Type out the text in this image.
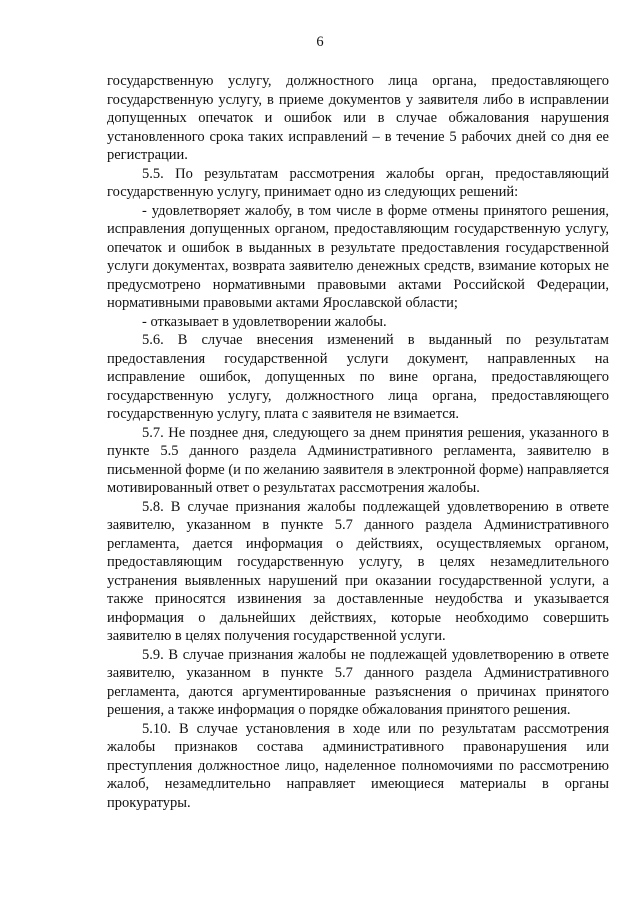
6

государственную услугу, должностного лица органа, предоставляющего государственную услугу, в приеме документов у заявителя либо в исправлении допущенных опечаток и ошибок или в случае обжалования нарушения установленного срока таких исправлений – в течение 5 рабочих дней со дня ее регистрации.

5.5. По результатам рассмотрения жалобы орган, предоставляющий государственную услугу, принимает одно из следующих решений:

- удовлетворяет жалобу, в том числе в форме отмены принятого решения, исправления допущенных органом, предоставляющим государственную услугу, опечаток и ошибок в выданных в результате предоставления государственной услуги документах, возврата заявителю денежных средств, взимание которых не предусмотрено нормативными правовыми актами Российской Федерации, нормативными правовыми актами Ярославской области;

- отказывает в удовлетворении жалобы.

5.6. В случае внесения изменений в выданный по результатам предоставления государственной услуги документ, направленных на исправление ошибок, допущенных по вине органа, предоставляющего государственную услугу, должностного лица органа, предоставляющего государственную услугу, плата с заявителя не взимается.

5.7. Не позднее дня, следующего за днем принятия решения, указанного в пункте 5.5 данного раздела Административного регламента, заявителю в письменной форме (и по желанию заявителя в электронной форме) направляется мотивированный ответ о результатах рассмотрения жалобы.

5.8. В случае признания жалобы подлежащей удовлетворению в ответе заявителю, указанном в пункте 5.7 данного раздела Административного регламента, дается информация о действиях, осуществляемых органом, предоставляющим государственную услугу, в целях незамедлительного устранения выявленных нарушений при оказании государственной услуги, а также приносятся извинения за доставленные неудобства и указывается информация о дальнейших действиях, которые необходимо совершить заявителю в целях получения государственной услуги.

5.9. В случае признания жалобы не подлежащей удовлетворению в ответе заявителю, указанном в пункте 5.7 данного раздела Административного регламента, даются аргументированные разъяснения о причинах принятого решения, а также информация о порядке обжалования принятого решения.

5.10. В случае установления в ходе или по результатам рассмотрения жалобы признаков состава административного правонарушения или преступления должностное лицо, наделенное полномочиями по рассмотрению жалоб, незамедлительно направляет имеющиеся материалы в органы прокуратуры.
